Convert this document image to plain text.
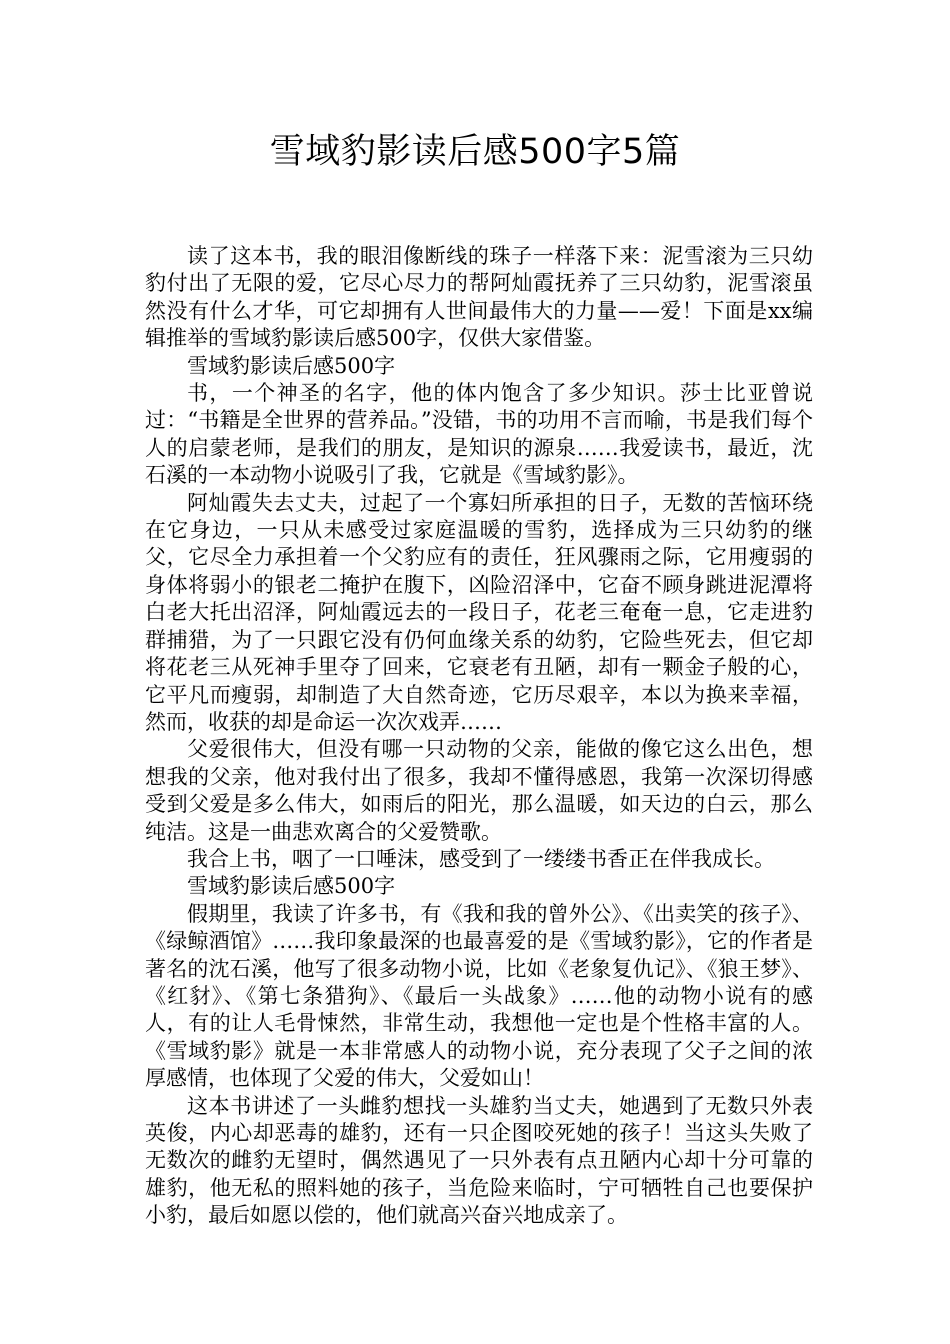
雪域豹影读后感500字5篇

读了这本书，我的眼泪像断线的珠子一样落下来：泥雪滚为三只幼豹付出了无限的爱，它尽心尽力的帮阿灿霞抚养了三只幼豹，泥雪滚虽然没有什么才华，可它却拥有人世间最伟大的力量——爱！下面是xx编辑推举的雪域豹影读后感500字，仅供大家借鉴。

雪域豹影读后感500字

书，一个神圣的名字，他的体内饱含了多少知识。莎士比亚曾说过：“书籍是全世界的营养品。”没错，书的功用不言而喻，书是我们每个人的启蒙老师，是我们的朋友，是知识的源泉……我爱读书，最近，沈石溪的一本动物小说吸引了我，它就是《雪域豹影》。

阿灿霞失去丈夫，过起了一个寡妇所承担的日子，无数的苦恼环绕在它身边，一只从未感受过家庭温暖的雪豹，选择成为三只幼豹的继父，它尽全力承担着一个父豹应有的责任，狂风骤雨之际，它用瘦弱的身体将弱小的银老二掩护在腹下，凶险沼泽中，它奋不顾身跳进泥潭将白老大托出沼泽，阿灿霞远去的一段日子，花老三奄奄一息，它走进豹群捕猎，为了一只跟它没有仍何血缘关系的幼豹，它险些死去，但它却将花老三从死神手里夺了回来，它衰老有丑陋，却有一颗金子般的心，它平凡而瘦弱，却制造了大自然奇迹，它历尽艰辛，本以为换来幸福，然而，收获的却是命运一次次戏弄……

父爱很伟大，但没有哪一只动物的父亲，能做的像它这么出色，想想我的父亲，他对我付出了很多，我却不懂得感恩，我第一次深切得感受到父爱是多么伟大，如雨后的阳光，那么温暖，如天边的白云，那么纯洁。这是一曲悲欢离合的父爱赞歌。

我合上书，咽了一口唾沫，感受到了一缕缕书香正在伴我成长。

雪域豹影读后感500字

假期里，我读了许多书，有《我和我的曾外公》、《出卖笑的孩子》、《绿鲸酒馆》……我印象最深的也最喜爱的是《雪域豹影》，它的作者是著名的沈石溪，他写了很多动物小说，比如《老象复仇记》、《狼王梦》、《红豺》、《第七条猎狗》、《最后一头战象》……他的动物小说有的感人，有的让人毛骨悚然，非常生动，我想他一定也是个性格丰富的人。《雪域豹影》就是一本非常感人的动物小说，充分表现了父子之间的浓厚感情，也体现了父爱的伟大，父爱如山！

这本书讲述了一头雌豹想找一头雄豹当丈夫，她遇到了无数只外表英俊，内心却恶毒的雄豹，还有一只企图咬死她的孩子！当这头失败了无数次的雌豹无望时，偶然遇见了一只外表有点丑陋内心却十分可靠的雄豹，他无私的照料她的孩子，当危险来临时，宁可牺牲自己也要保护小豹，最后如愿以偿的，他们就高兴奋兴地成亲了。
